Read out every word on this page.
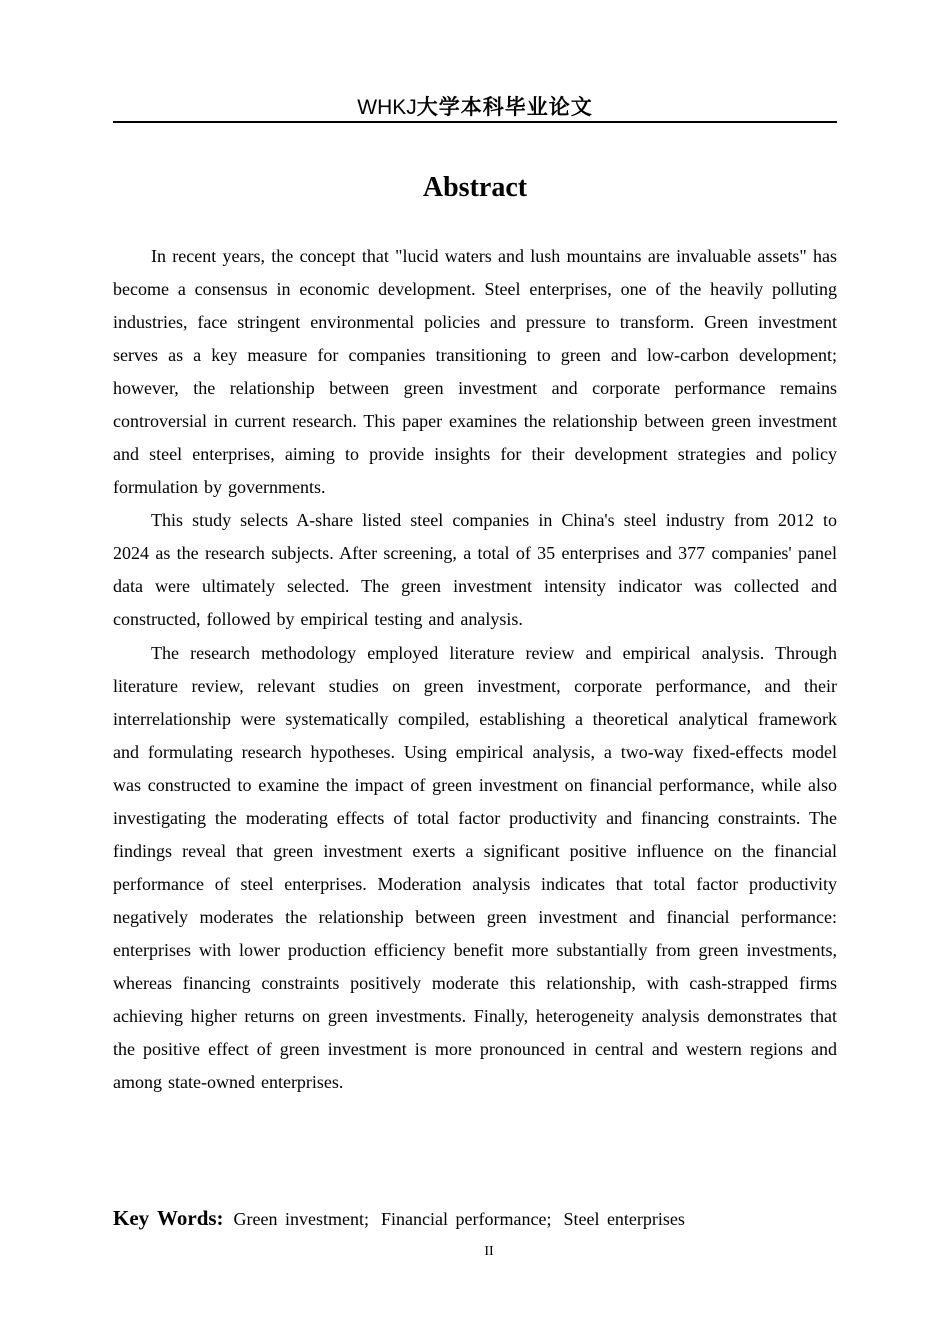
WHKJ大学本科毕业论文
Abstract

In recent years, the concept that "lucid waters and lush mountains are invaluable assets" has become a consensus in economic development. Steel enterprises, one of the heavily polluting industries, face stringent environmental policies and pressure to transform. Green investment serves as a key measure for companies transitioning to green and low-carbon development; however, the relationship between green investment and corporate performance remains controversial in current research. This paper examines the relationship between green investment and steel enterprises, aiming to provide insights for their development strategies and policy formulation by governments.

This study selects A-share listed steel companies in China's steel industry from 2012 to 2024 as the research subjects. After screening, a total of 35 enterprises and 377 companies' panel data were ultimately selected. The green investment intensity indicator was collected and constructed, followed by empirical testing and analysis.

The research methodology employed literature review and empirical analysis. Through literature review, relevant studies on green investment, corporate performance, and their interrelationship were systematically compiled, establishing a theoretical analytical framework and formulating research hypotheses. Using empirical analysis, a two-way fixed-effects model was constructed to examine the impact of green investment on financial performance, while also investigating the moderating effects of total factor productivity and financing constraints. The findings reveal that green investment exerts a significant positive influence on the financial performance of steel enterprises. Moderation analysis indicates that total factor productivity negatively moderates the relationship between green investment and financial performance: enterprises with lower production efficiency benefit more substantially from green investments, whereas financing constraints positively moderate this relationship, with cash-strapped firms achieving higher returns on green investments. Finally, heterogeneity analysis demonstrates that the positive effect of green investment is more pronounced in central and western regions and among state-owned enterprises.

Key Words: Green investment; Financial performance; Steel enterprises
II
